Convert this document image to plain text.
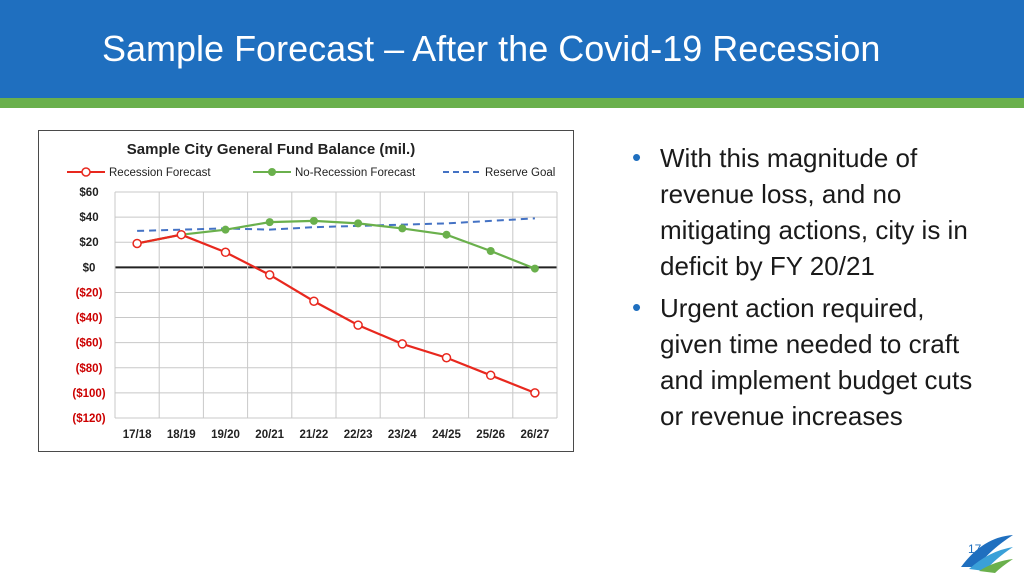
Sample Forecast – After the Covid-19 Recession
Sample City General Fund Balance (mil.)
Recession Forecast	No-Recession Forecast	Reserve Goal
$60
$40
$20
$0
($20)
($40)
($60)
($80)
($100)
($120)
17/18 18/19 19/20 20/21 21/22 22/23 23/24 24/25 25/26 26/27
• With this magnitude of revenue loss, and no mitigating actions, city is in deficit by FY 20/21
• Urgent action required, given time needed to craft and implement budget cuts or revenue increases
17
